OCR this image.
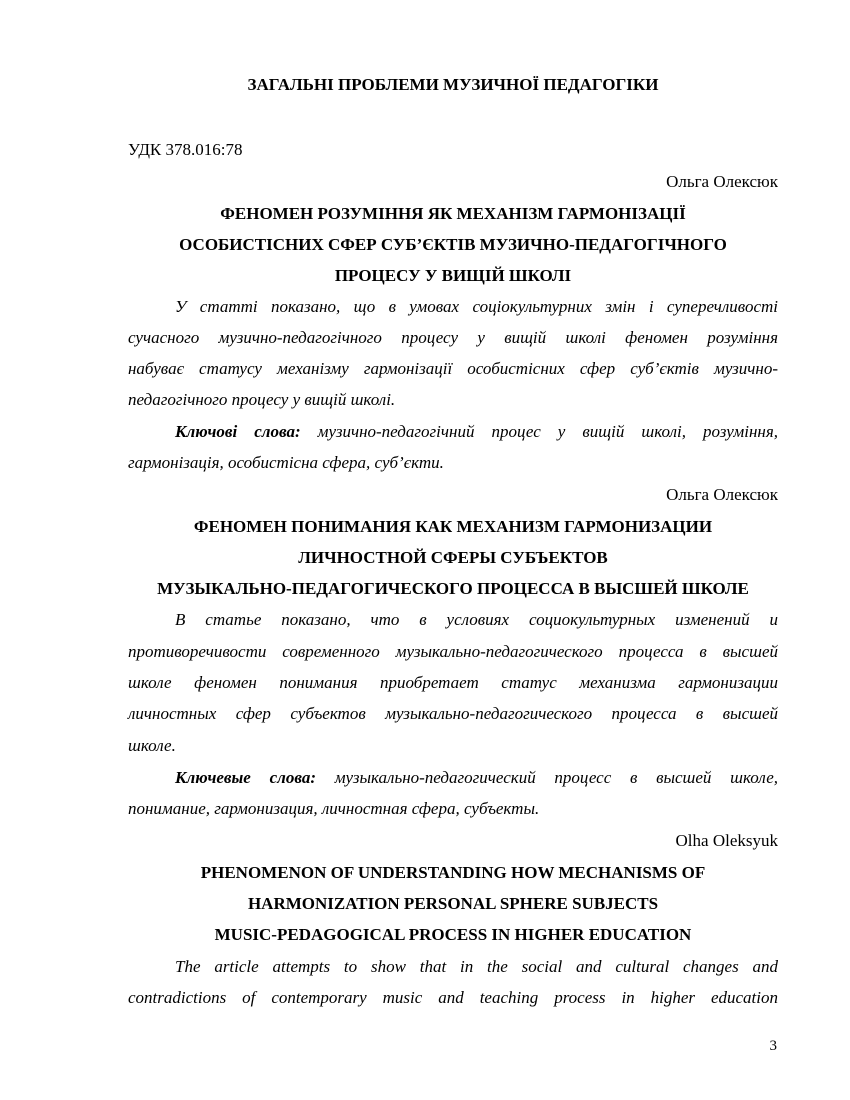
ЗАГАЛЬНІ ПРОБЛЕМИ МУЗИЧНОЇ ПЕДАГОГІКИ
УДК 378.016:78
Ольга Олексюк
ФЕНОМЕН РОЗУМІННЯ ЯК МЕХАНІЗМ ГАРМОНІЗАЦІЇ
ОСОБИСТІСНИХ СФЕР СУБ’ЄКТІВ МУЗИЧНО-ПЕДАГОГІЧНОГО
ПРОЦЕСУ У ВИЩІЙ ШКОЛІ
У статті показано, що в умовах соціокультурних змін і суперечливості
сучасного музично-педагогічного процесу у вищій школі феномен розуміння
набуває статусу механізму гармонізації особистісних сфер суб’єктів музично-
педагогічного процесу у вищій школі.
Ключові слова: музично-педагогічний процес у вищій школі, розуміння,
гармонізація, особистісна сфера, суб’єкти.
Ольга Олексюк
ФЕНОМЕН ПОНИМАНИЯ КАК МЕХАНИЗМ ГАРМОНИЗАЦИИ
ЛИЧНОСТНОЙ СФЕРЫ СУБЪЕКТОВ
МУЗЫКАЛЬНО-ПЕДАГОГИЧЕСКОГО ПРОЦЕССА В ВЫСШЕЙ ШКОЛЕ
В статье показано, что в условиях социокультурных изменений и
противоречивости современного музыкально-педагогического процесса в высшей
школе феномен понимания приобретает статус механизма гармонизации
личностных сфер субъектов музыкально-педагогического процесса в высшей
школе.
Ключевые слова: музыкально-педагогический процесс в высшей школе,
понимание, гармонизация, личностная сфера, субъекты.
Olha Oleksyuk
PHENOMENON OF UNDERSTANDING HOW MECHANISMS OF
HARMONIZATION PERSONAL SPHERE SUBJECTS
MUSIC-PEDAGOGICAL PROCESS IN HIGHER EDUCATION
The article attempts to show that in the social and cultural changes and
contradictions of contemporary music and teaching process in higher education
3
